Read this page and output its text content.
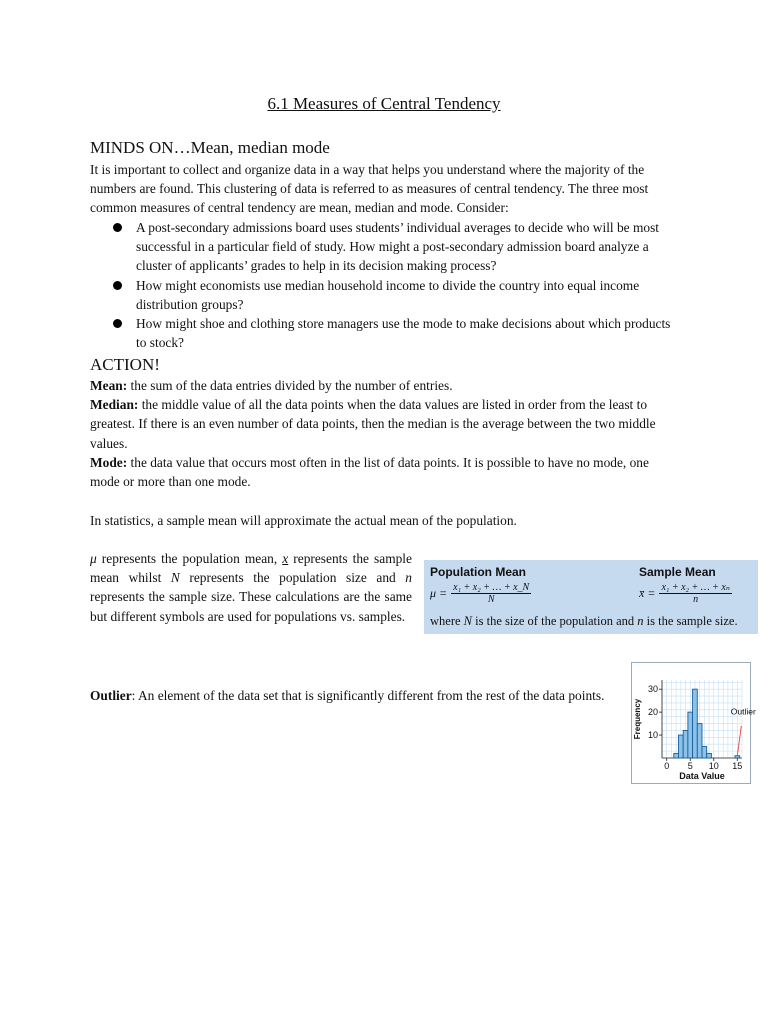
6.1 Measures of Central Tendency
MINDS ON…Mean, median mode
It is important to collect and organize data in a way that helps you understand where the majority of the numbers are found. This clustering of data is referred to as measures of central tendency. The three most common measures of central tendency are mean, median and mode. Consider:
A post-secondary admissions board uses students’ individual averages to decide who will be most successful in a particular field of study. How might a post-secondary admission board analyze a cluster of applicants’ grades to help in its decision making process?
How might economists use median household income to divide the country into equal income distribution groups?
How might shoe and clothing store managers use the mode to make decisions about which products to stock?
ACTION!
Mean: the sum of the data entries divided by the number of entries.
Median: the middle value of all the data points when the data values are listed in order from the least to greatest. If there is an even number of data points, then the median is the average between the two middle values.
Mode: the data value that occurs most often in the list of data points. It is possible to have no mode, one mode or more than one mode.
In statistics, a sample mean will approximate the actual mean of the population.
μ represents the population mean, x represents the sample mean whilst N represents the population size and n represents the sample size. These calculations are the same but different symbols are used for populations vs. samples.
Population Mean	Sample Mean
$\mu = \frac{\text{x₁ + x₂ + … + x\_N}}{N}$	x̄ = $\frac{\text{x₁ + x₂ + … + xₙ}}{n}$
where N is the size of the population and n is the sample size.
Outlier: An element of the data set that is significantly different from the rest of the data points.
10
20
30
0 5 10 15
Data Value
Frequency	Outlier
